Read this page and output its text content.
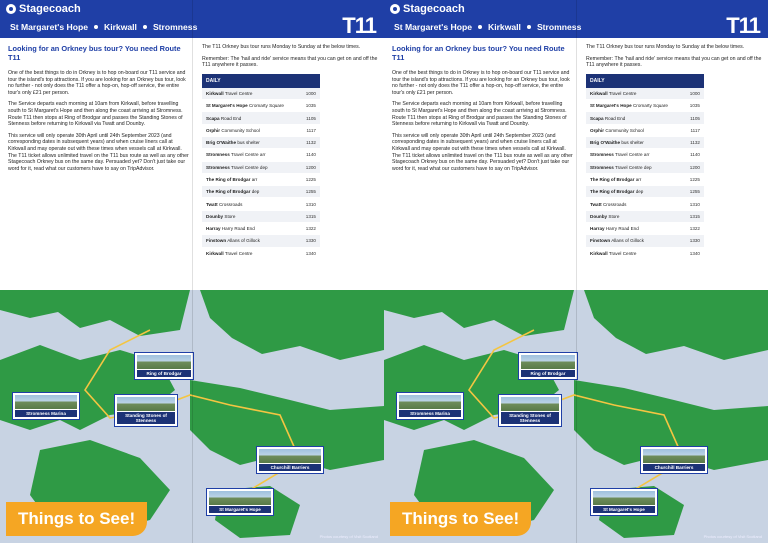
Stagecoach
St Margaret's Hope Kirkwall Stromness	T11
Looking for an Orkney bus tour? You need Route T11

One of the best things to do in Orkney is to hop on-board our T11 service and tour the island's top attractions. If you are looking for an Orkney bus tour, look no further - not only does the T11 offer a hop-on, hop-off service, the entire tour's only £21 per person.

The Service departs each morning at 10am from Kirkwall, before travelling south to St Margaret's Hope and then along the coast arriving at Stromness. Route T11 then stops at Ring of Brodgar and passes the Standing Stones of Stenness before returning to Kirkwall via Twatt and Dounby.

This service will only operate 30th April until 24th September 2023 (and corresponding dates in subsequent years) and when cruise liners call at Kirkwall and may operate out with these times when vessels call at Kirkwall. The T11 ticket allows unlimited travel on the T11 bus route as well as any other Stagecoach Orkney bus on the same day. Persuaded yet? Don't just take our word for it, read what our customers have to say on TripAdvisor.

The T11 Orkney bus tour runs Monday to Sunday at the below times.

Remember: The 'hail and ride' service means that you can get on and off the T11 anywhere it passes.

DAILY	
Kirkwall Travel Centre	1000
St Margaret's Hope Cromarty Square	1035
Scapa Road End	1105
Orphir Community School	1117
Brig O'Waithe bus shelter	1132
Stromness Travel Centre arr	1140
Stromness Travel Centre dep	1200
The Ring of Brodgar arr	1225
The Ring of Brodgar dep	1255
Twatt Crossroads	1310
Dounby Store	1315
Harray Harry Road End	1322
Finstown Allans of Gillock	1330
Kirkwall Travel Centre	1340
Ring of Brodgar
Stromness Marina	Standing Stones of Stenness
Churchill Barriers
St Margaret's Hope
Things to See!
Photos courtesy of Visit Scotland
Stagecoach
St Margaret's Hope Kirkwall Stromness	T11
Looking for an Orkney bus tour? You need Route T11

One of the best things to do in Orkney is to hop on-board our T11 service and tour the island's top attractions. If you are looking for an Orkney bus tour, look no further - not only does the T11 offer a hop-on, hop-off service, the entire tour's only £21 per person.

The Service departs each morning at 10am from Kirkwall, before travelling south to St Margaret's Hope and then along the coast arriving at Stromness. Route T11 then stops at Ring of Brodgar and passes the Standing Stones of Stenness before returning to Kirkwall via Twatt and Dounby.

This service will only operate 30th April until 24th September 2023 (and corresponding dates in subsequent years) and when cruise liners call at Kirkwall and may operate out with these times when vessels call at Kirkwall. The T11 ticket allows unlimited travel on the T11 bus route as well as any other Stagecoach Orkney bus on the same day. Persuaded yet? Don't just take our word for it, read what our customers have to say on TripAdvisor.

The T11 Orkney bus tour runs Monday to Sunday at the below times.

Remember: The 'hail and ride' service means that you can get on and off the T11 anywhere it passes.

DAILY	
Kirkwall Travel Centre	1000
St Margaret's Hope Cromarty Square	1035
Scapa Road End	1105
Orphir Community School	1117
Brig O'Waithe bus shelter	1132
Stromness Travel Centre arr	1140
Stromness Travel Centre dep	1200
The Ring of Brodgar arr	1225
The Ring of Brodgar dep	1255
Twatt Crossroads	1310
Dounby Store	1315
Harray Harry Road End	1322
Finstown Allans of Gillock	1330
Kirkwall Travel Centre	1340
Ring of Brodgar
Stromness Marina	Standing Stones of Stenness
Churchill Barriers
St Margaret's Hope
Things to See!
Photos courtesy of Visit Scotland
